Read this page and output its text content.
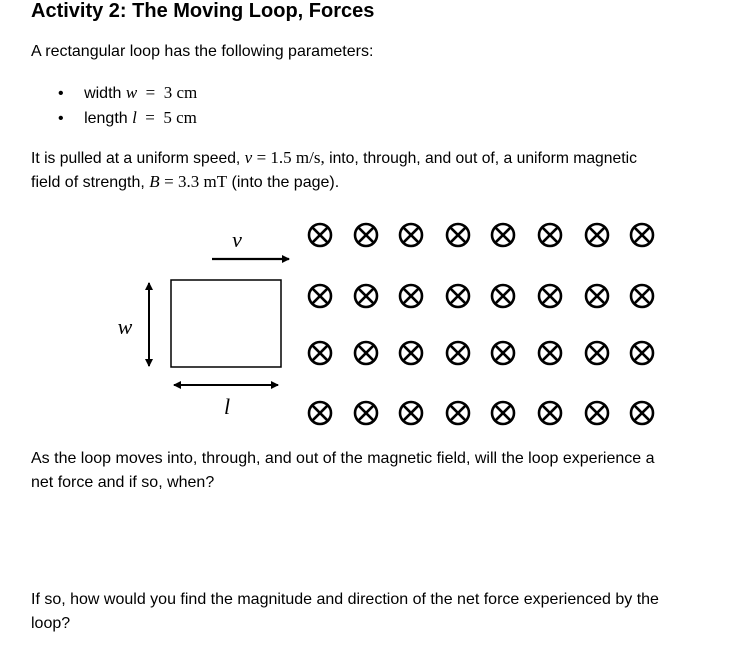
Activity 2: The Moving Loop, Forces
A rectangular loop has the following parameters:
• width w = 3 cm
• length l = 5 cm
It is pulled at a uniform speed, v = 1.5 m/s, into, through, and out of, a uniform magnetic
field of strength, B = 3.3 mT (into the page).
v
w
l
As the loop moves into, through, and out of the magnetic field, will the loop experience a
net force and if so, when?
If so, how would you find the magnitude and direction of the net force experienced by the
loop?
